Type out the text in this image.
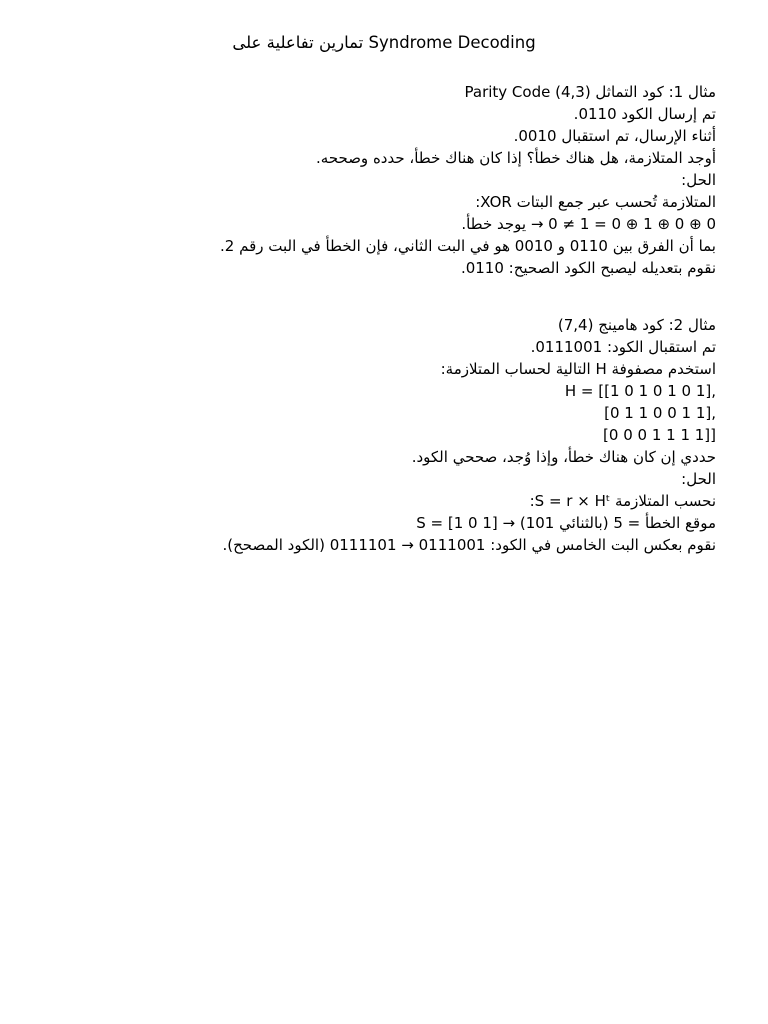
تمارين تفاعلية على Syndrome Decoding
مثال 1: كود التماثل (4,3) Parity Code
تم إرسال الكود 0110.
أثناء الإرسال، تم استقبال 0010.
أوجد المتلازمة، هل هناك خطأ؟ إذا كان هناك خطأ، حدده وصححه.
الحل:
المتلازمة تُحسب عبر جمع البتات XOR:
0 ⊕ 0 ⊕ 1 ⊕ 0 = 1 ≠ 0 → يوجد خطأ.
بما أن الفرق بين 0110 و 0010 هو في البت الثاني، فإن الخطأ في البت رقم 2.
نقوم بتعديله ليصبح الكود الصحيح: 0110.
مثال 2: كود هامينج (7,4)
تم استقبال الكود: 0111001.
استخدم مصفوفة H التالية لحساب المتلازمة:
H = [[1 0 1 0 1 0 1],
[0 1 1 0 0 1 1],
[0 0 0 1 1 1 1]]
حددي إن كان هناك خطأ، وإذا وُجد، صححي الكود.
الحل:
نحسب المتلازمة S = r × Hᵗ:
S = [1 0 1] → موقع الخطأ = 5 (بالثنائي 101)
نقوم بعكس البت الخامس في الكود: 0111001 → 0111101 (الكود المصحح).
